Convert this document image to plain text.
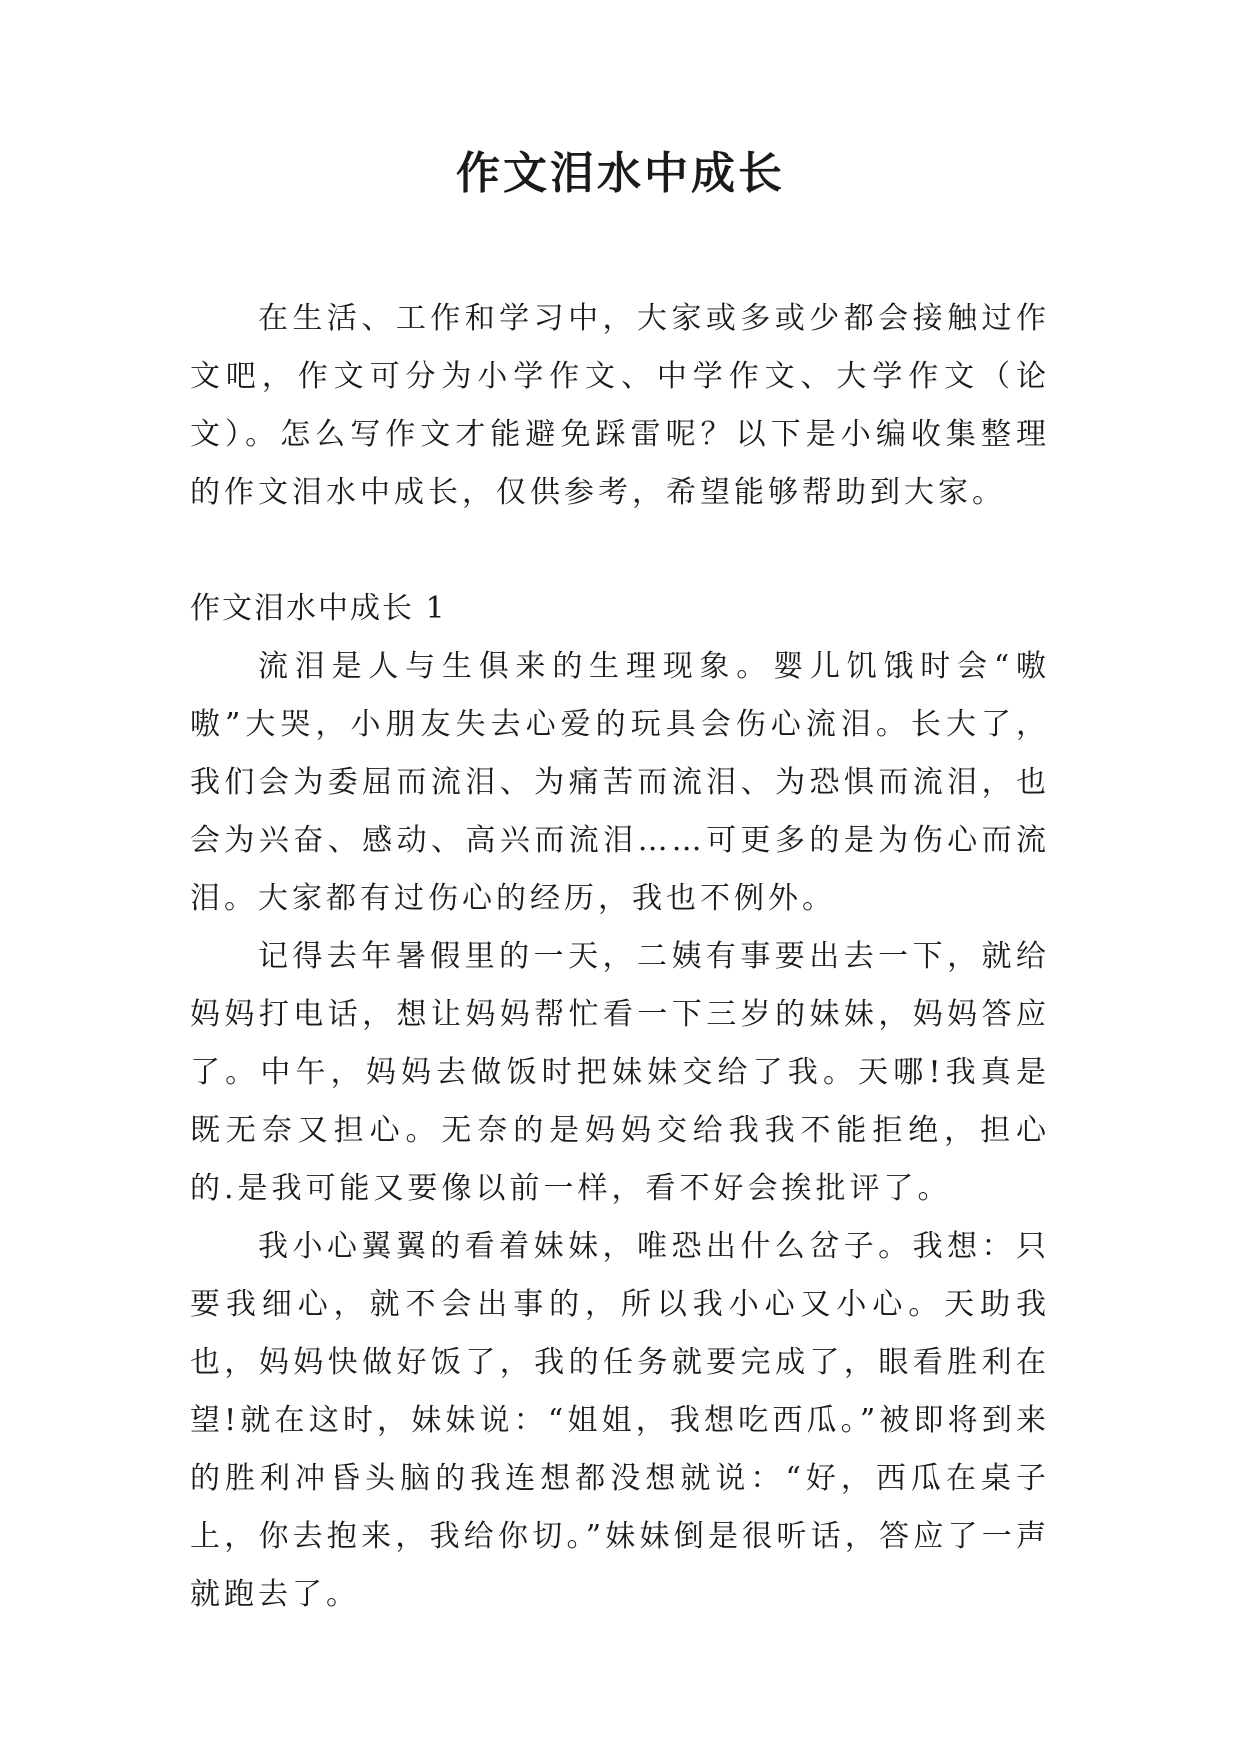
作文泪水中成长

在生活、工作和学习中，大家或多或少都会接触过作文吧，作文可分为小学作文、中学作文、大学作文（论文）。怎么写作文才能避免踩雷呢？以下是小编收集整理的作文泪水中成长，仅供参考，希望能够帮助到大家。

作文泪水中成长 1

流泪是人与生俱来的生理现象。婴儿饥饿时会“嗷嗷”大哭，小朋友失去心爱的玩具会伤心流泪。长大了，我们会为委屈而流泪、为痛苦而流泪、为恐惧而流泪，也会为兴奋、感动、高兴而流泪……可更多的是为伤心而流泪。大家都有过伤心的经历，我也不例外。

记得去年暑假里的一天，二姨有事要出去一下，就给妈妈打电话，想让妈妈帮忙看一下三岁的妹妹，妈妈答应了。中午，妈妈去做饭时把妹妹交给了我。天哪!我真是既无奈又担心。无奈的是妈妈交给我我不能拒绝，担心的.是我可能又要像以前一样，看不好会挨批评了。

我小心翼翼的看着妹妹，唯恐出什么岔子。我想：只要我细心，就不会出事的，所以我小心又小心。天助我也，妈妈快做好饭了，我的任务就要完成了，眼看胜利在望!就在这时，妹妹说：“姐姐，我想吃西瓜。”被即将到来的胜利冲昏头脑的我连想都没想就说：“好，西瓜在桌子上，你去抱来，我给你切。”妹妹倒是很听话，答应了一声就跑去了。
